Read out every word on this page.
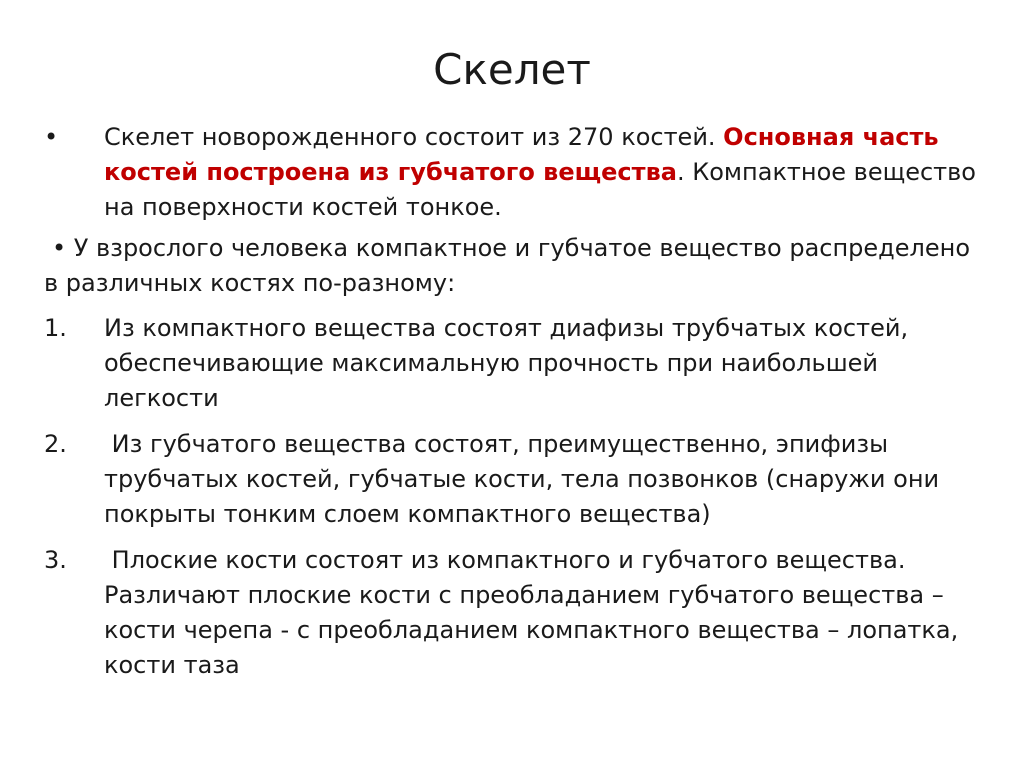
Скелет

•	Скелет новорожденного состоит из 270 костей. Основная часть костей построена из губчатого вещества. Компактное вещество на поверхности костей тонкое.

• У взрослого человека компактное и губчатое вещество распределено в различных костях по-разному:

1.	Из компактного вещества состоят диафизы трубчатых костей, обеспечивающие максимальную прочность при наибольшей легкости

2.	Из губчатого вещества состоят, преимущественно, эпифизы трубчатых костей, губчатые кости, тела позвонков (снаружи они покрыты тонким слоем компактного вещества)

3.	Плоские кости состоят из компактного и губчатого вещества. Различают плоские кости с преобладанием губчатого вещества – кости черепа - с преобладанием компактного вещества – лопатка, кости таза
